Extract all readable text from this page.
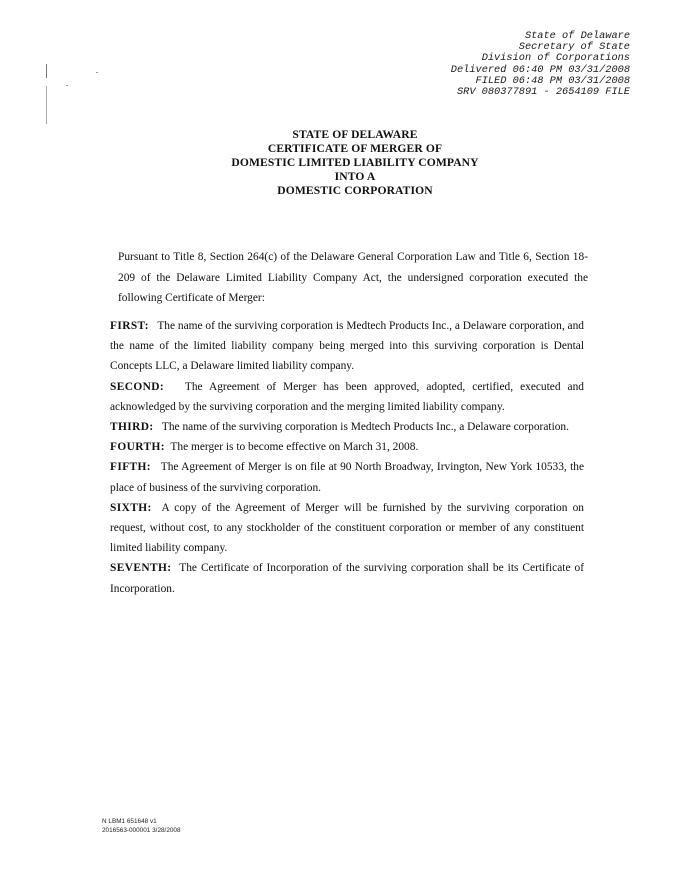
State of Delaware
Secretary of State
Division of Corporations
Delivered 06:40 PM 03/31/2008
FILED 06:48 PM 03/31/2008
SRV 080377891 - 2654109 FILE
STATE OF DELAWARE
CERTIFICATE OF MERGER OF
DOMESTIC LIMITED LIABILITY COMPANY
INTO A
DOMESTIC CORPORATION

Pursuant to Title 8, Section 264(c) of the Delaware General Corporation Law and Title 6, Section 18-209 of the Delaware Limited Liability Company Act, the undersigned corporation executed the following Certificate of Merger:

FIRST: The name of the surviving corporation is Medtech Products Inc., a Delaware corporation, and the name of the limited liability company being merged into this surviving corporation is Dental Concepts LLC, a Delaware limited liability company.

SECOND: The Agreement of Merger has been approved, adopted, certified, executed and acknowledged by the surviving corporation and the merging limited liability company.

THIRD: The name of the surviving corporation is Medtech Products Inc., a Delaware corporation.

FOURTH: The merger is to become effective on March 31, 2008.

FIFTH: The Agreement of Merger is on file at 90 North Broadway, Irvington, New York 10533, the place of business of the surviving corporation.

SIXTH: A copy of the Agreement of Merger will be furnished by the surviving corporation on request, without cost, to any stockholder of the constituent corporation or member of any constituent limited liability company.

SEVENTH: The Certificate of Incorporation of the surviving corporation shall be its Certificate of Incorporation.

N LBM1 651648 v1
2016563-000001 3/28/2008
